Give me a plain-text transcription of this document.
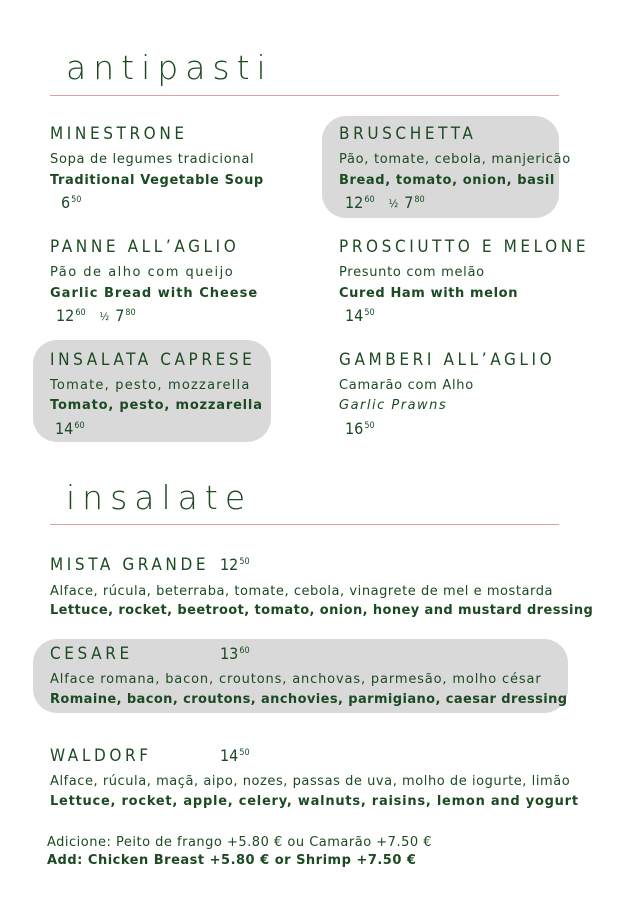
antipasti
MINESTRONE
Sopa de legumes tradicional
Traditional Vegetable Soup
$6^{50}$
BRUSCHETTA
Pão, tomate, cebola, manjericão
Bread, tomato, onion, basil
$12^{60}$ ½ $7^{80}$
PANNE ALL’AGLIO
Pão de alho com queijo
Garlic Bread with Cheese
$12^{60}$ ½ $7^{80}$
PROSCIUTTO E MELONE
Presunto com melão
Cured Ham with melon
$14^{50}$
INSALATA CAPRESE
Tomate, pesto, mozzarella
Tomato, pesto, mozzarella
$14^{60}$
GAMBERI ALL’AGLIO
Camarão com Alho
Garlic Prawns
$16^{50}$
insalate
MISTA GRANDE $12^{50}$
Alface, rúcula, beterraba, tomate, cebola, vinagrete de mel e mostarda
Lettuce, rocket, beetroot, tomato, onion, honey and mustard dressing
CESARE	$13^{60}$
Alface romana, bacon, croutons, anchovas, parmesão, molho césar
Romaine, bacon, croutons, anchovies, parmigiano, caesar dressing
WALDORF	$14^{50}$
Alface, rúcula, maçã, aipo, nozes, passas de uva, molho de iogurte, limão
Lettuce, rocket, apple, celery, walnuts, raisins, lemon and yogurt
Adicione: Peito de frango +5.80 € ou Camarão +7.50 €
Add: Chicken Breast +5.80 € or Shrimp +7.50 €
